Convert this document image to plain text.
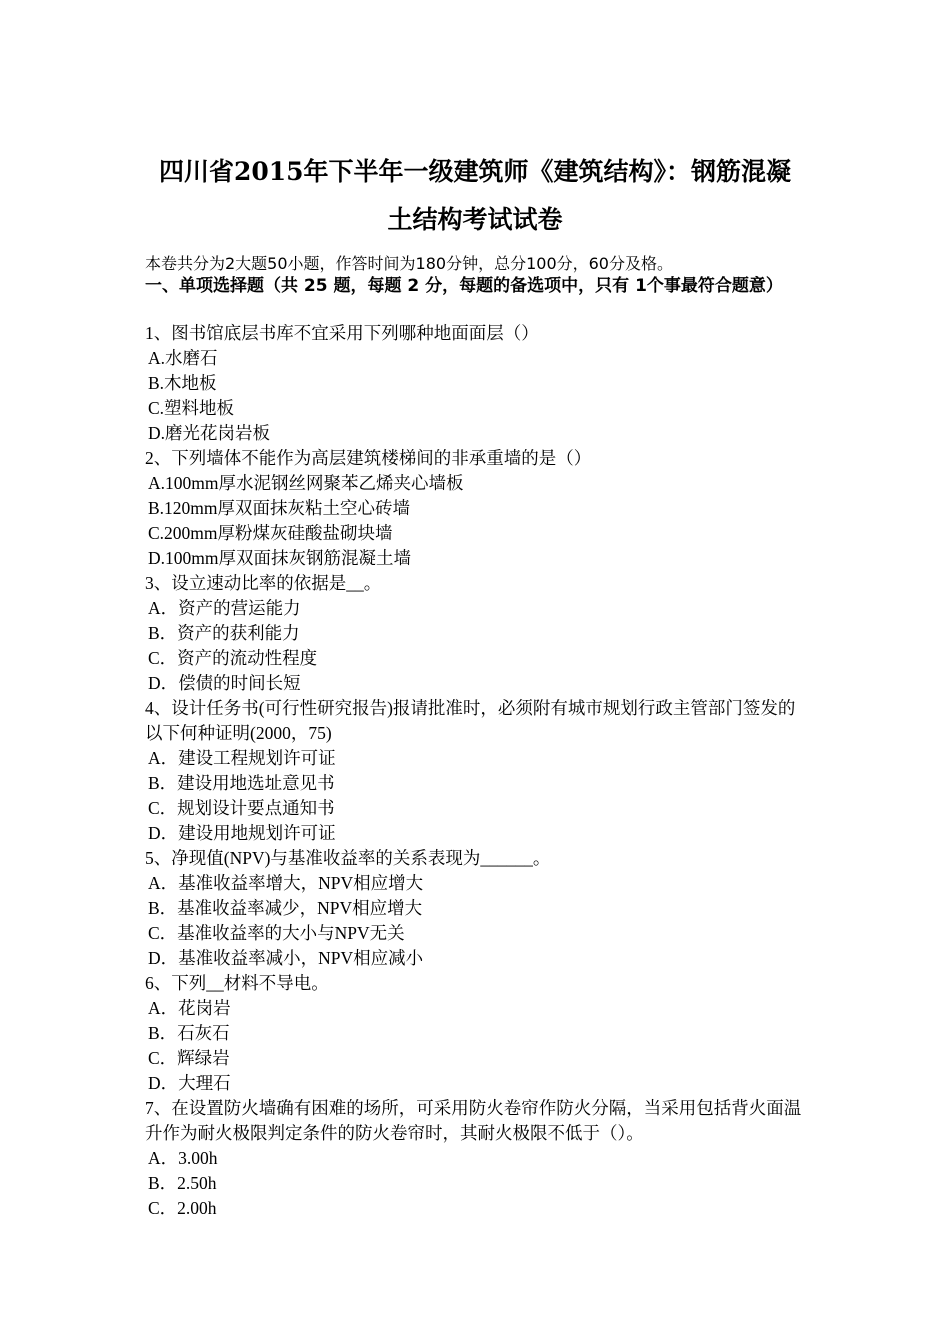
四川省2015年下半年一级建筑师《建筑结构》：钢筋混凝
土结构考试试卷
本卷共分为2大题50小题，作答时间为180分钟，总分100分，60分及格。
一、单项选择题（共 25 题，每题 2 分，每题的备选项中，只有 1个事最符合题意）
1、图书馆底层书库不宜采用下列哪种地面面层（）
A.水磨石
B.木地板
C.塑料地板
D.磨光花岗岩板
2、下列墙体不能作为高层建筑楼梯间的非承重墙的是（）
A.100mm厚水泥钢丝网聚苯乙烯夹心墙板
B.120mm厚双面抹灰粘土空心砖墙
C.200mm厚粉煤灰硅酸盐砌块墙
D.100mm厚双面抹灰钢筋混凝土墙
3、设立速动比率的依据是__。
A．资产的营运能力
B．资产的获利能力
C．资产的流动性程度
D．偿债的时间长短
4、设计任务书(可行性研究报告)报请批准时，必须附有城市规划行政主管部门签发的以下何种证明(2000，75)
A．建设工程规划许可证
B．建设用地选址意见书
C．规划设计要点通知书
D．建设用地规划许可证
5、净现值(NPV)与基准收益率的关系表现为______。
A．基准收益率增大，NPV相应增大
B．基准收益率减少，NPV相应增大
C．基准收益率的大小与NPV无关
D．基准收益率减小，NPV相应减小
6、下列__材料不导电。
A．花岗岩
B．石灰石
C．辉绿岩
D．大理石
7、在设置防火墙确有困难的场所，可采用防火卷帘作防火分隔，当采用包括背火面温升作为耐火极限判定条件的防火卷帘时，其耐火极限不低于（）。
A．3.00h
B．2.50h
C．2.00h
